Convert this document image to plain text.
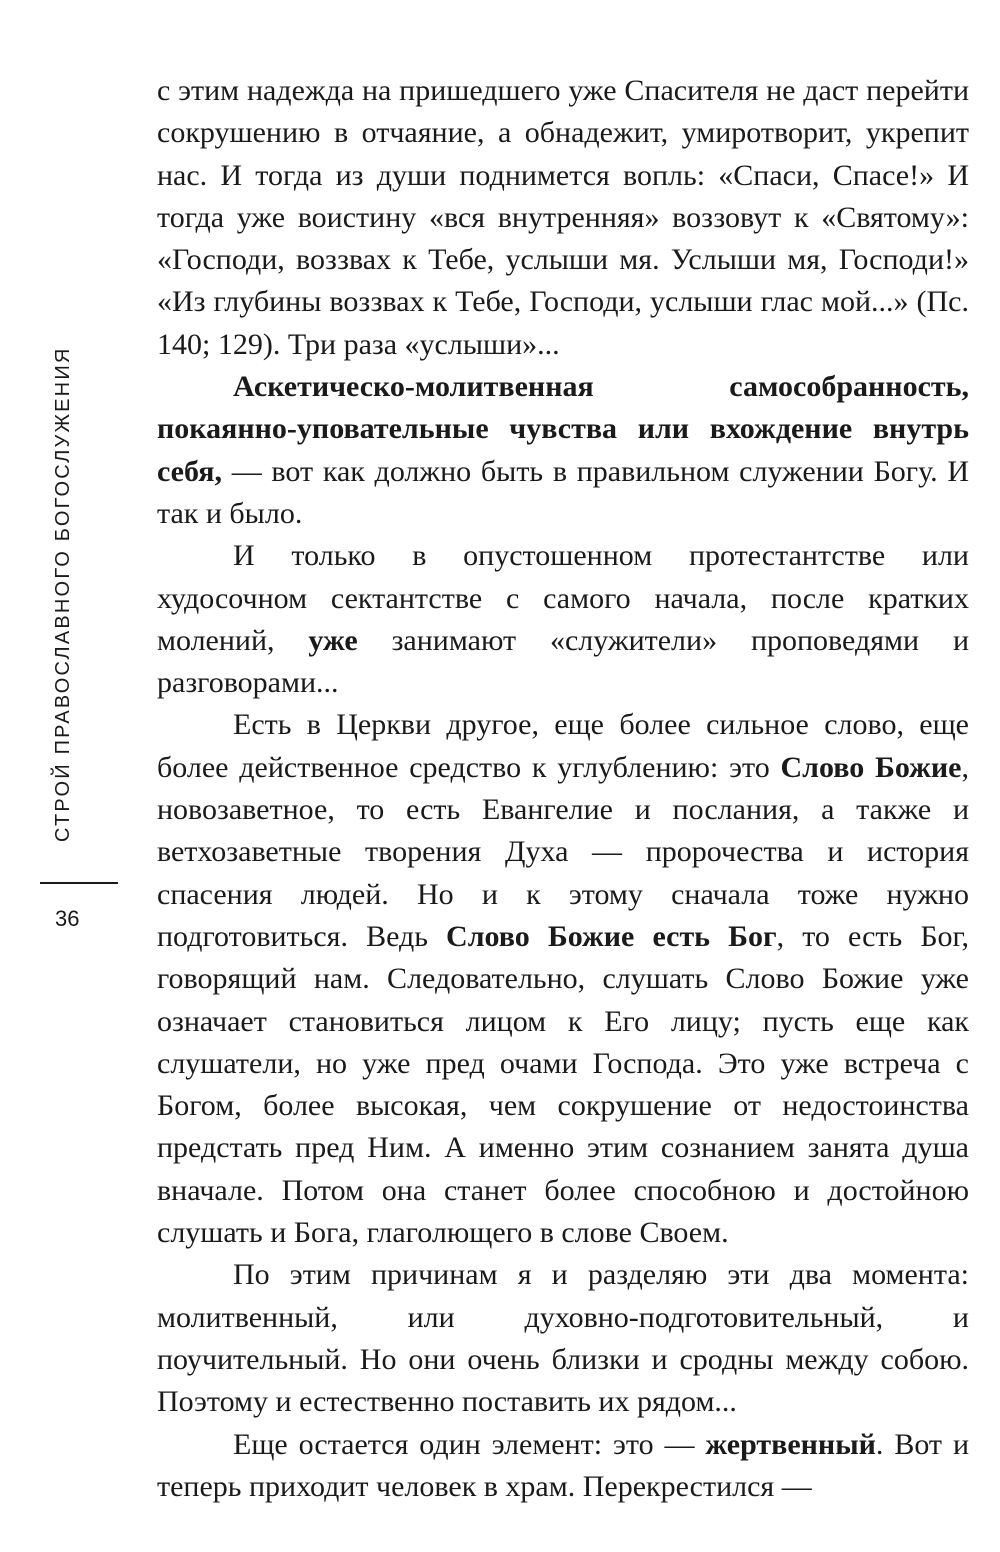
СТРОЙ ПРАВОСЛАВНОГО БОГОСЛУЖЕНИЯ
36

с этим надежда на пришедшего уже Спасителя не даст перейти сокрушению в отчаяние, а обнадежит, умиротворит, укрепит нас. И тогда из души поднимется вопль: «Спаси, Спасе!» И тогда уже воистину «вся внутренняя» воззовут к «Святому»: «Господи, воззвах к Тебе, услыши мя. Услыши мя, Господи!» «Из глубины воззвах к Тебе, Господи, услыши глас мой...» (Пс. 140; 129). Три раза «услыши»...

Аскетическо-молитвенная самособранность, покаянно-уповательные чувства или вхождение внутрь себя, — вот как должно быть в правильном служении Богу. И так и было.

И только в опустошенном протестантстве или худосочном сектантстве с самого начала, после кратких молений, уже занимают «служители» проповедями и разговорами...

Есть в Церкви другое, еще более сильное слово, еще более действенное средство к углублению: это Слово Божие, новозаветное, то есть Евангелие и послания, а также и ветхозаветные творения Духа — пророчества и история спасения людей. Но и к этому сначала тоже нужно подготовиться. Ведь Слово Божие есть Бог, то есть Бог, говорящий нам. Следовательно, слушать Слово Божие уже означает становиться лицом к Его лицу; пусть еще как слушатели, но уже пред очами Господа. Это уже встреча с Богом, более высокая, чем сокрушение от недостоинства предстать пред Ним. А именно этим сознанием занята душа вначале. Потом она станет более способною и достойною слушать и Бога, глаголющего в слове Своем.

По этим причинам я и разделяю эти два момента: молитвенный, или духовно-подготовительный, и поучительный. Но они очень близки и сродны между собою. Поэтому и естественно поставить их рядом...

Еще остается один элемент: это — жертвенный. Вот и теперь приходит человек в храм. Перекрестился —
